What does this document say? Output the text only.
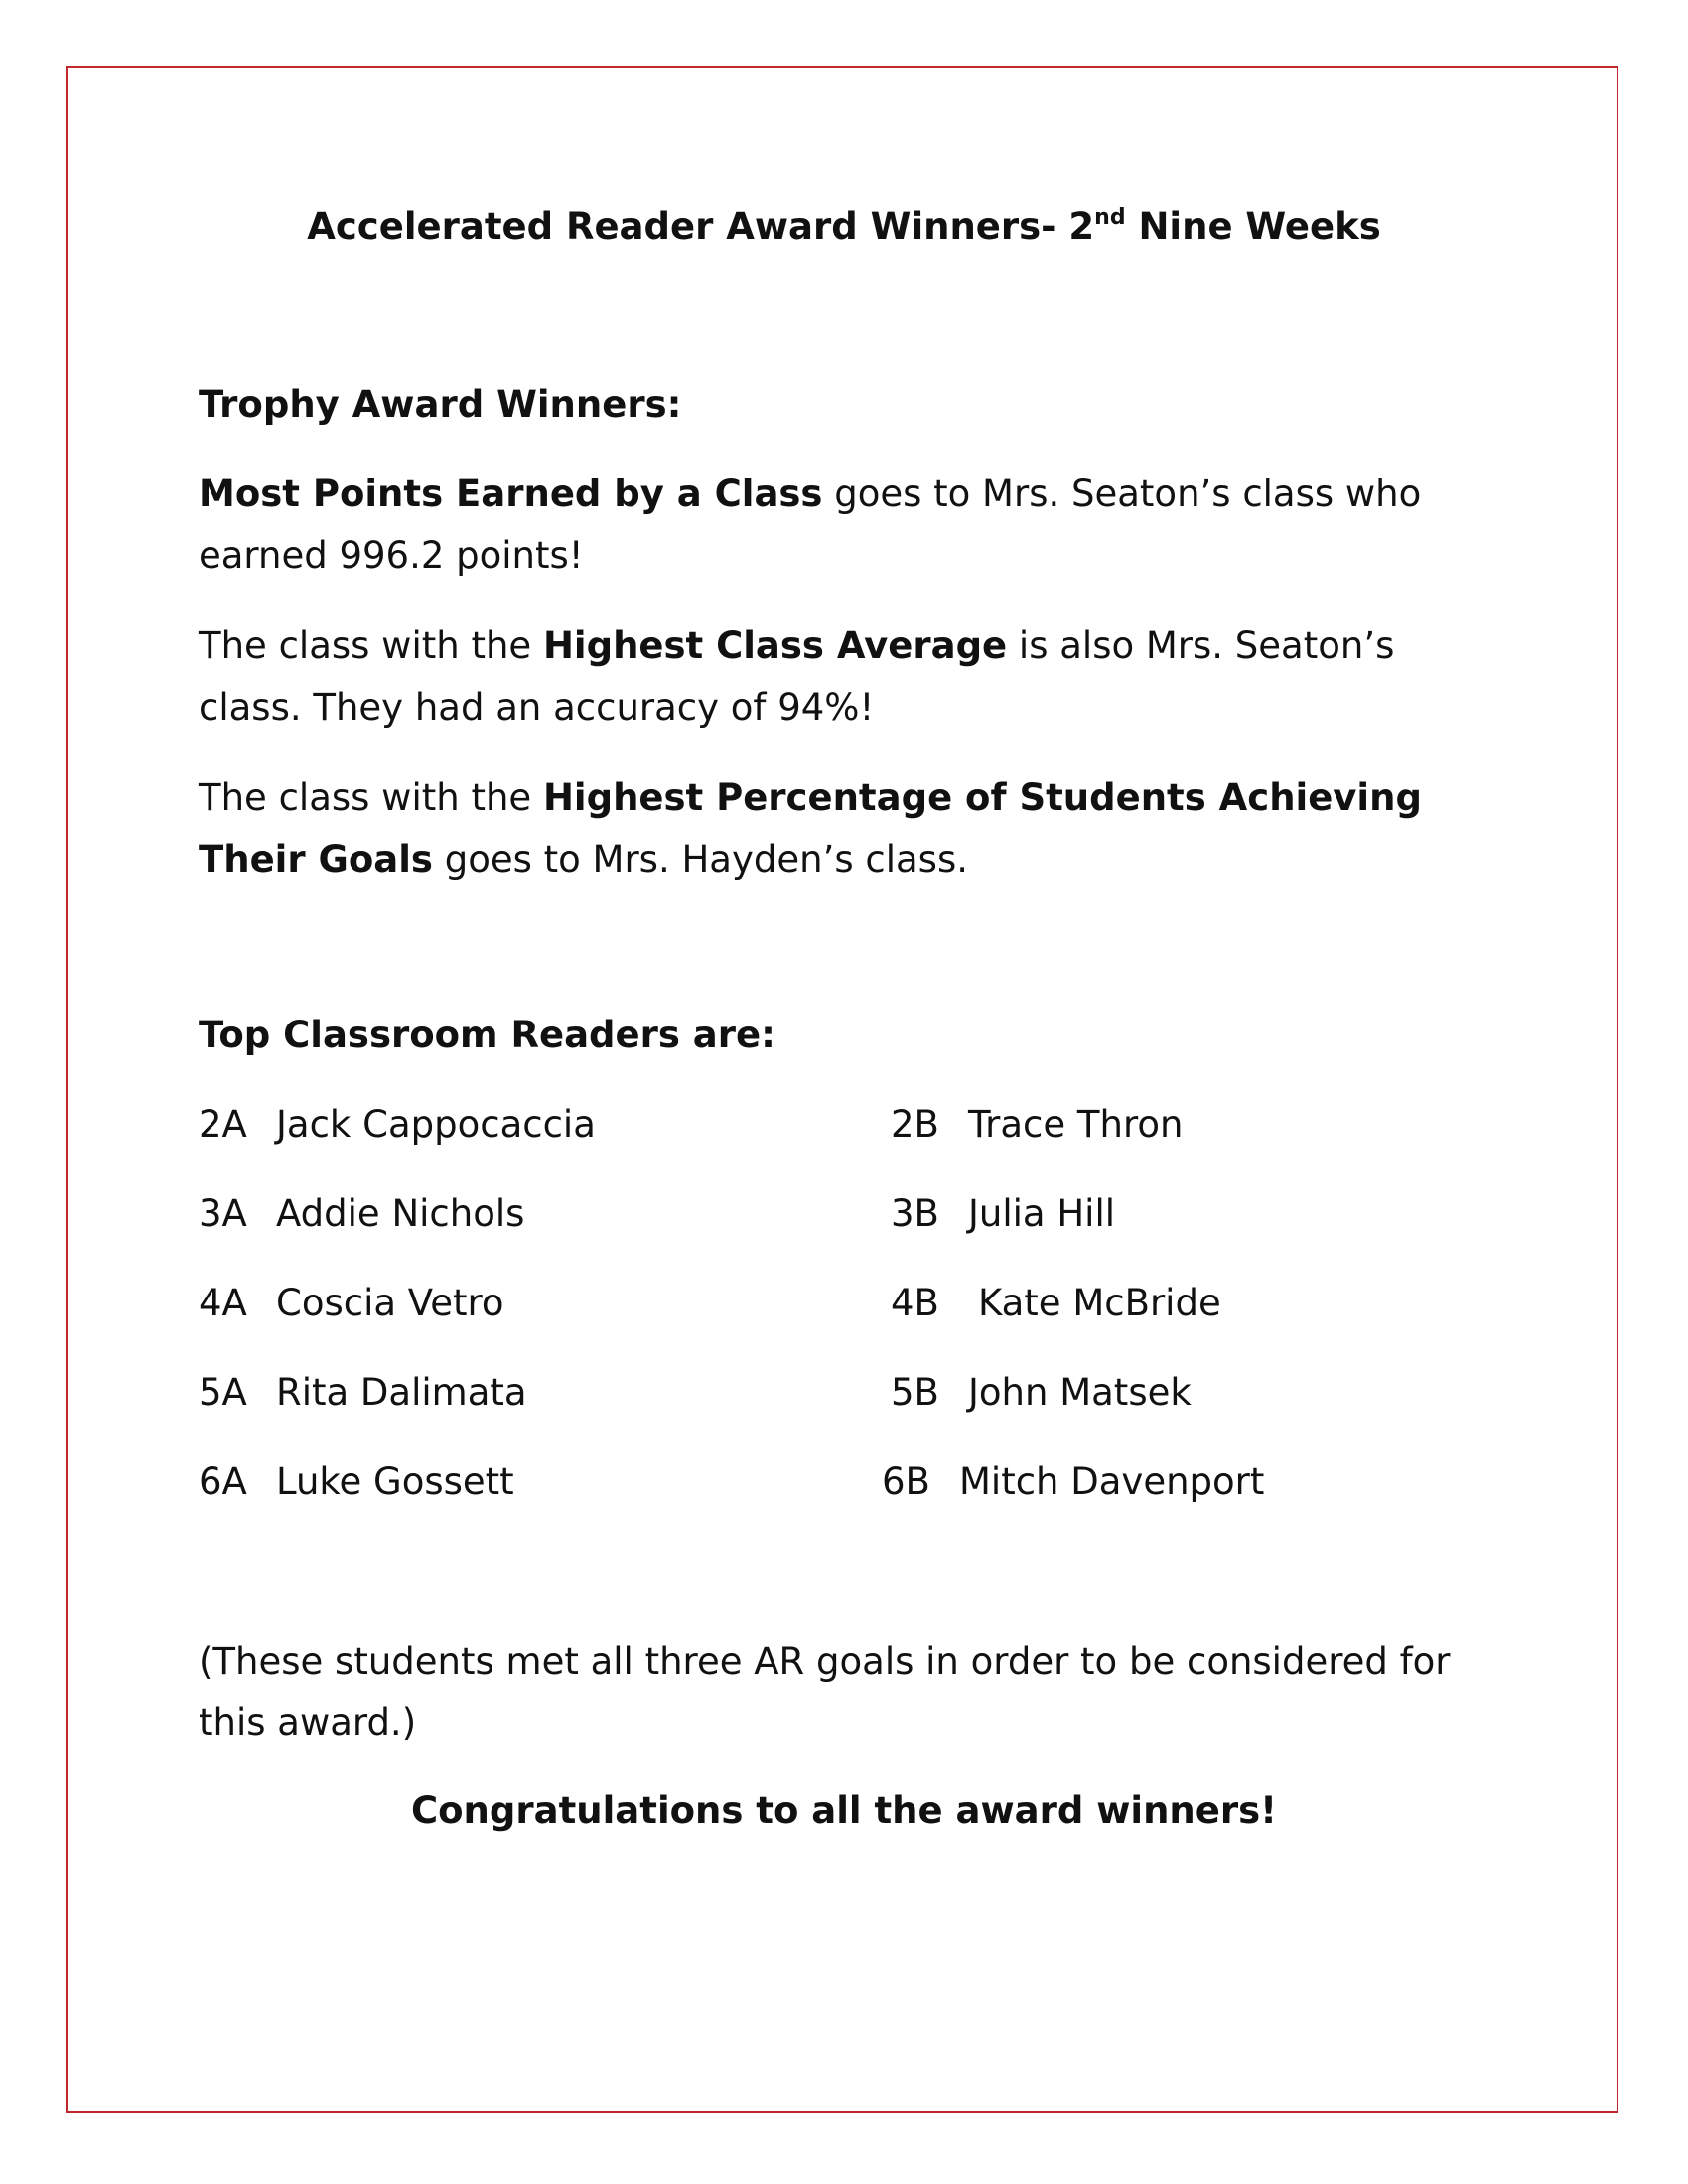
Accelerated Reader Award Winners- 2nd Nine Weeks
Trophy Award Winners:
Most Points Earned by a Class goes to Mrs. Seaton’s class who earned 996.2 points!
The class with the Highest Class Average is also Mrs. Seaton’s class. They had an accuracy of 94%!
The class with the Highest Percentage of Students Achieving Their Goals goes to Mrs. Hayden’s class.
Top Classroom Readers are:
2A Jack Cappocaccia
3A Addie Nichols
4A Coscia Vetro
5A Rita Dalimata
6A Luke Gossett
2B Trace Thron
3B Julia Hill
4B Kate McBride
5B John Matsek
6B Mitch Davenport
(These students met all three AR goals in order to be considered for this award.)
Congratulations to all the award winners!
